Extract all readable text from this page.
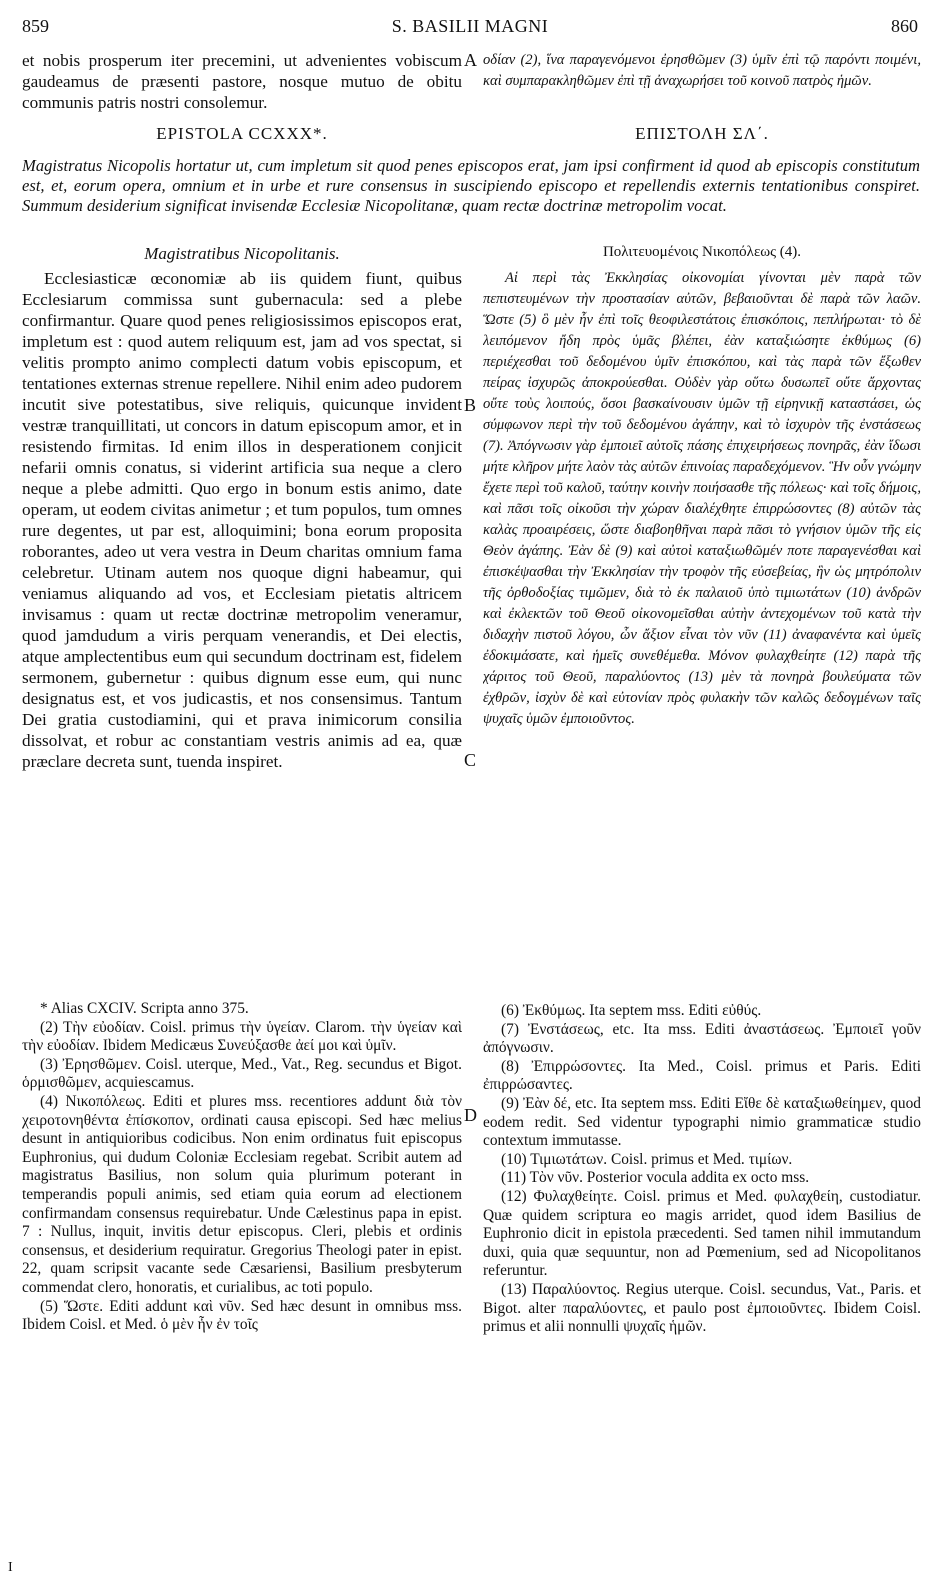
859	S. BASILII MAGNI	860

et nobis prosperum iter precemini, ut advenientes vobiscum gaudeamus de præsenti pastore, nosque mutuo de obitu communis patris nostri consolemur.

οδίαν (2), ἵνα παραγενόμενοι ἐρησθῶμεν (3) ὑμῖν ἐπὶ τῷ παρόντι ποιμένι, καὶ συμπαρακληθῶμεν ἐπὶ τῇ ἀναχωρήσει τοῦ κοινοῦ πατρὸς ἡμῶν.

EPISTOLA CCXXX*.	ΕΠΙΣΤΟΛΗ ΣΛ΄.
Magistratus Nicopolis hortatur ut, cum impletum sit quod penes episcopos erat, jam ipsi confirment id quod ab episcopis constitutum est, et, eorum opera, omnium et in urbe et rure consensus in suscipiendo episcopo et repellendis externis tentationibus conspiret. Summum desiderium significat invisendæ Ecclesiæ Nicopolitanæ, quam rectæ doctrinæ metropolim vocat.
Magistratibus Nicopolitanis.	Πολιτευομένοις Νικοπόλεως (4).

Ecclesiasticæ œconomiæ ab iis quidem fiunt, quibus Ecclesiarum commissa sunt gubernacula: sed a plebe confirmantur. Quare quod penes religiosissimos episcopos erat, impletum est : quod autem reliquum est, jam ad vos spectat, si velitis prompto animo complecti datum vobis episcopum, et tentationes externas strenue repellere. Nihil enim adeo pudorem incutit sive potestatibus, sive reliquis, quicunque invident vestræ tranquillitati, ut concors in datum episcopum amor, et in resistendo firmitas. Id enim illos in desperationem conjicit nefarii omnis conatus, si viderint artificia sua neque a clero neque a plebe admitti. Quo ergo in bonum estis animo, date operam, ut eodem civitas animetur ; et tum populos, tum omnes rure degentes, ut par est, alloquimini; bona eorum proposita roborantes, adeo ut vera vestra in Deum charitas omnium fama celebretur. Utinam autem nos quoque digni habeamur, qui veniamus aliquando ad vos, et Ecclesiam pietatis altricem invisamus : quam ut rectæ doctrinæ metropolim veneramur, quod jamdudum a viris perquam venerandis, et Dei electis, atque amplectentibus eum qui secundum doctrinam est, fidelem sermonem, gubernetur : quibus dignum esse eum, qui nunc designatus est, et vos judicastis, et nos consensimus. Tantum Dei gratia custodiamini, qui et prava inimicorum consilia dissolvat, et robur ac constantiam vestris animis ad ea, quæ præclare decreta sunt, tuenda inspiret.

Αἱ περὶ τὰς Ἐκκλησίας οἰκονομίαι γίνονται μὲν παρὰ τῶν πεπιστευμένων τὴν προστασίαν αὐτῶν, βεβαιοῦνται δὲ παρὰ τῶν λαῶν. Ὥστε (5) ὃ μὲν ἦν ἐπὶ τοῖς θεοφιλεστάτοις ἐπισκόποις, πεπλήρωται· τὸ δὲ λειπόμενον ἤδη πρὸς ὑμᾶς βλέπει, ἐὰν καταξιώσητε ἐκθύμως (6) περιέχεσθαι τοῦ δεδομένου ὑμῖν ἐπισκόπου, καὶ τὰς παρὰ τῶν ἔξωθεν πείρας ἰσχυρῶς ἀποκρούεσθαι. Οὐδὲν γὰρ οὕτω δυσωπεῖ οὔτε ἄρχοντας οὔτε τοὺς λοιπούς, ὅσοι βασκαίνουσιν ὑμῶν τῇ εἰρηνικῇ καταστάσει, ὡς σύμφωνον περὶ τὴν τοῦ δεδομένου ἀγάπην, καὶ τὸ ἰσχυρὸν τῆς ἐνστάσεως (7). Ἀπόγνωσιν γὰρ ἐμποιεῖ αὐτοῖς πάσης ἐπιχειρήσεως πονηρᾶς, ἐὰν ἴδωσι μήτε κλῆρον μήτε λαὸν τὰς αὐτῶν ἐπινοίας παραδεχόμενον. Ἣν οὖν γνώμην ἔχετε περὶ τοῦ καλοῦ, ταύτην κοινὴν ποιήσασθε τῆς πόλεως· καὶ τοῖς δήμοις, καὶ πᾶσι τοῖς οἰκοῦσι τὴν χώραν διαλέχθητε ἐπιρρώσοντες (8) αὐτῶν τὰς καλὰς προαιρέσεις, ὥστε διαβοηθῆναι παρὰ πᾶσι τὸ γνήσιον ὑμῶν τῆς εἰς Θεὸν ἀγάπης. Ἐὰν δὲ (9) καὶ αὐτοὶ καταξιωθῶμέν ποτε παραγενέσθαι καὶ ἐπισκέψασθαι τὴν Ἐκκλησίαν τὴν τροφὸν τῆς εὐσεβείας, ἣν ὡς μητρόπολιν τῆς ὀρθοδοξίας τιμῶμεν, διὰ τὸ ἐκ παλαιοῦ ὑπὸ τιμιωτάτων (10) ἀνδρῶν καὶ ἐκλεκτῶν τοῦ Θεοῦ οἰκονομεῖσθαι αὐτὴν ἀντεχομένων τοῦ κατὰ τὴν διδαχὴν πιστοῦ λόγου, ὧν ἄξιον εἶναι τὸν νῦν (11) ἀναφανέντα καὶ ὑμεῖς ἐδοκιμάσατε, καὶ ἡμεῖς συνεθέμεθα. Μόνον φυλαχθείητε (12) παρὰ τῆς χάριτος τοῦ Θεοῦ, παραλύοντος (13) μὲν τὰ πονηρὰ βουλεύματα τῶν ἐχθρῶν, ἰσχὺν δὲ καὶ εὐτονίαν πρὸς φυλακὴν τῶν καλῶς δεδογμένων ταῖς ψυχαῖς ὑμῶν ἐμποιοῦντος.

* Alias CXCIV. Scripta anno 375.

(2) Τὴν εὐοδίαν. Coisl. primus τὴν ὑγείαν. Clarom. τὴν ὑγείαν καὶ τὴν εὐοδίαν. Ibidem Medicæus Συνεύξασθε ἀεί μοι καὶ ὑμῖν.

(3) Ἐρησθῶμεν. Coisl. uterque, Med., Vat., Reg. secundus et Bigot. ὁρμισθῶμεν, acquiescamus.

(4) Νικοπόλεως. Editi et plures mss. recentiores addunt διὰ τὸν χειροτονηθέντα ἐπίσκοπον, ordinati causa episcopi. Sed hæc melius desunt in antiquioribus codicibus. Non enim ordinatus fuit episcopus Euphronius, qui dudum Coloniæ Ecclesiam regebat. Scribit autem ad magistratus Basilius, non solum quia plurimum poterant in temperandis populi animis, sed etiam quia eorum ad electionem confirmandam consensus requirebatur. Unde Cælestinus papa in epist. 7 : Nullus, inquit, invitis detur episcopus. Cleri, plebis et ordinis consensus, et desiderium requiratur. Gregorius Theologi pater in epist. 22, quam scripsit vacante sede Cæsariensi, Basilium presbyterum commendat clero, honoratis, et curialibus, ac toti populo.

(5) Ὥστε. Editi addunt καὶ νῦν. Sed hæc desunt in omnibus mss. Ibidem Coisl. et Med. ὁ μὲν ἦν ἐν τοῖς

(6) Ἐκθύμως. Ita septem mss. Editi εὐθύς.

(7) Ἐνστάσεως, etc. Ita mss. Editi ἀναστάσεως. Ἐμποιεῖ γοῦν ἀπόγνωσιν.

(8) Ἐπιρρώσοντες. Ita Med., Coisl. primus et Paris. Editi ἐπιρρώσαντες.

(9) Ἐὰν δέ, etc. Ita septem mss. Editi Εἴθε δὲ καταξιωθείημεν, quod eodem redit. Sed videntur typographi nimio grammaticæ studio contextum immutasse.

(10) Τιμιωτάτων. Coisl. primus et Med. τιμίων.

(11) Τὸν νῦν. Posterior vocula addita ex octo mss.

(12) Φυλαχθείητε. Coisl. primus et Med. φυλαχθείη, custodiatur. Quæ quidem scriptura eo magis arridet, quod idem Basilius de Euphronio dicit in epistola præcedenti. Sed tamen nihil immutandum duxi, quia quæ sequuntur, non ad Pœmenium, sed ad Nicopolitanos referuntur.

(13) Παραλύοντος. Regius uterque. Coisl. secundus, Vat., Paris. et Bigot. alter παραλύοντες, et paulo post ἐμποιοῦντες. Ibidem Coisl. primus et alii nonnulli ψυχαῖς ἡμῶν.

A
B
C
D
I
